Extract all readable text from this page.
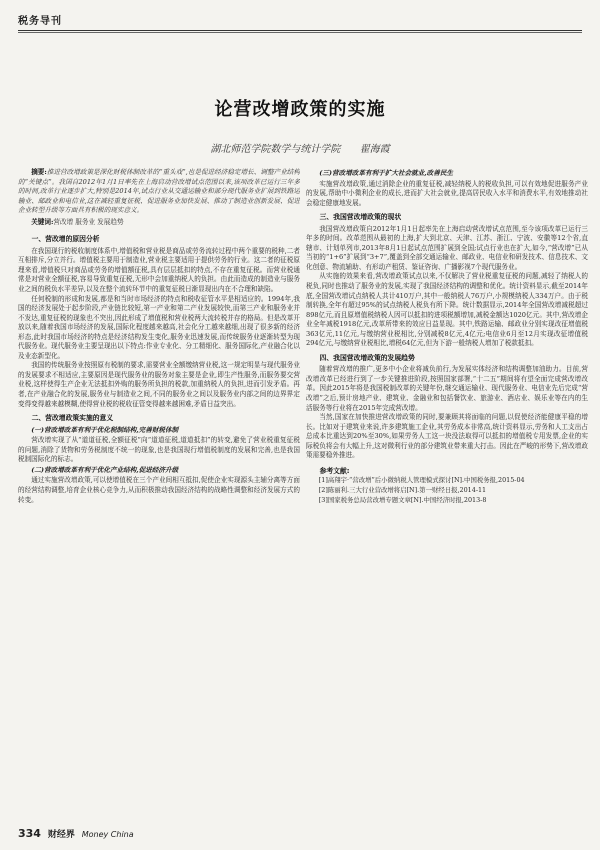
税务导刊
论营改增政策的实施
湖北师范学院数学与统计学院 翟海霞
摘要:推进营改增政策是深化财税体制改革的“重头戏”,也是促进经济稳定增长、调整产业结构的“关键点”。我国自2012年1月1日率先在上海启动营改增试点范围以来,该项改革已运行三年多的时间,改革行业逐步扩大,特别是2014年,试点行业从交通运输业和部分现代服务业扩展到铁路运输业、邮政业和电信业,这在减轻重复征税、促进服务业加快发展、推动了制造业创新发展、促进企业转型升级等方面具有积极的现实意义。
关键词:营改增 服务业 发展趋势
一、营改增的原因分析
在我国现行的税收制度体系中,增值税和营业税是商品或劳务流转过程中两个重要的税种,二者互相排斥,分立并行。增值税主要用于制造业,营业税主要适用于提供劳务的行业。这二者的征税原理来看,增值税只对商品或劳务的增值额征税,具有层层抵扣的特点,不存在重复征税。而营业税通常是对营业全额征税,容易导致重复征税,无形中会加重纳税人的负担。由此而造成的制造业与服务业之间的税负水平差异,以及在整个流转环节中的重复征税日渐显现出内在不合理和缺陷。
任何税制的形成和发展,都是和当时市场经济的特点和税收征管水平是相适应的。1994年,我国的经济发展处于起步阶段,产业链比较短,第一产业和第二产业发展较快,而第三产业和服务业并不发达,重复征税的现象也不突出,因此形成了增值税和营业税两大流转税并存的格局。但是改革开放以来,随着我国市场经济的发展,国际化程度越来越高,社会化分工越来越细,出现了很多新的经济形态,此时我国市场经济的特点是经济结构发生变化,服务业迅速发展,而传统服务业逐渐转型为现代服务业。现代服务业主要呈现出以下特点:作业专业化、分工精细化、服务国际化,产业融合化以及业态新型化。
我国的传统服务业按照原有税制的要求,需要营业全额缴纳营业税,这一规定明显与现代服务业的发展要求不相适应,主要原因是现代服务业的服务对象主要是企业,即生产性服务,而服务要交营业税,这样使得生产企业无法抵扣外购的服务所负担的税款,加重纳税人的负担,进而引发矛盾。再者,在产业融合化的发展,服务业与制造业之间,不同的服务业之间以及服务业内部之间的边界界定变得变得越来越模糊,使得营业税的税收征管变得越来越困难,矛盾日益突出。
二、营改增政策实施的意义
(一)营改增改革有利于优化税制结构,完善财税体制
营改增实现了从“道道征税,全额征税”向“道道征税,道道抵扣”的转变,避免了营业税重复征税的问题,消除了货物和劳务税制度不统一的现象,也是我国现行增值税制度的发展和完善,也是我国税制国际化的标志。
(二)营改增改革有利于优化产业结构,促进经济升级
通过实施营改增政策,可以使增值税在三个产业间相互抵扣,促使企业实现源头主辅分离等方面的经营结构调整,培育企业核心竞争力,从而积极推动我国经济结构的战略性调整和经济发展方式的转变。
(三)营改增改革有利于扩大社会就业,改善民生
实施营改增政策,通过消除企业的重复征税,减轻纳税人的税收负担,可以有效地促进服务产业的发展,帮助中小微利企业的成长,进而扩大社会就业,提高居民收入水平和消费水平,有效地推动社会稳定健康地发展。
三、我国营改增政策的现状
我国营改增政策自2012年1月1日起率先在上海启动营改增试点范围,至今该项改革已运行三年多的时间。改革范围从最初的上海,扩大到北京、天津、江苏、浙江、宁波、安徽等12个省,直辖市、计划单列市,2013年8月1日起试点范围扩展到全国;试点行业也在扩大,如今,“营改增”已从当初的“1+6”扩展到“3+7”,覆盖到全部交通运输业、邮政业、电信业和研发技术、信息技术、文化创意、物流辅助、有形动产租赁、鉴证咨询、广播影视7个现代服务业。
从实施的效果来看,营改增政策试点以来,不仅解决了营业税重复征税的问题,减轻了纳税人的税负,同时也推动了服务业的发展,实现了我国经济结构的调整和优化。统计资料显示,截至2014年底,全国营改增试点纳税人共计410万户,其中一般纳税人76万户,小规模纳税人334万户。由于税制转换,全年有超过95%的试点纳税人税负有所下降。统计数据显示,2014年全国营改增减税超过898亿元,而且原增值税纳税人因可以抵扣的进项税额增加,减税金额达1020亿元。其中,营改增企业全年减税1918亿元,改革所带来的效应日益显现。其中,铁路运输、邮政业分别实现改征增值税363亿元,11亿元,与缴纳营业税相比,分别减税8亿元,4亿元;电信业6月至12月实现改征增值税294亿元,与缴纳营业税相比,增税64亿元,但为下游一般纳税人增加了税款抵扣。
四、我国营改增政策的发展趋势
随着营改增的推广,更多中小企业将减负前行,为发展实体经济和结构调整加油助力。目前,营改增改革已经进行到了一步关键推进阶段,按照国家部署,“十二五”期间将有望全面完成营改增改革。因此2015年将是我国税制改革的关键年份,继交通运输业、现代服务业、电信业先后完成“营改增”之后,预计房地产业、建筑业、金融业和包括餐饮业、旅游业、酒店业、娱乐业等在内的生活服务等行业将在2015年完成营改增。
当然,国家在加快推进营改增政策的同时,要兼顾其将面临的问题,以促使经济能健康平稳的增长。比如对于建筑业来说,许多建筑施工企业,其劳务成本非常高,统计资料显示,劳务和人工支出占总成本比重达到20%至30%,如果劳务人工这一块没法取得可以抵扣的增值税专用发票,企业的实际税负将会有大幅上升,这对微利行业的部分建筑业带来重大打击。因此在严峻的形势下,营改增政策需要稳外推进。
参考文献:
[1]高翔宇·“营改增”后小微纳税人管理模式探讨[N].中国税务报,2015-04
[2]陈丽利.三大行业营改增将启[N].第一财经日报,2014-11
[3]国家税务总局营改增专题文章[N].中国经济时报,2013-8
334 财经界 Money China
